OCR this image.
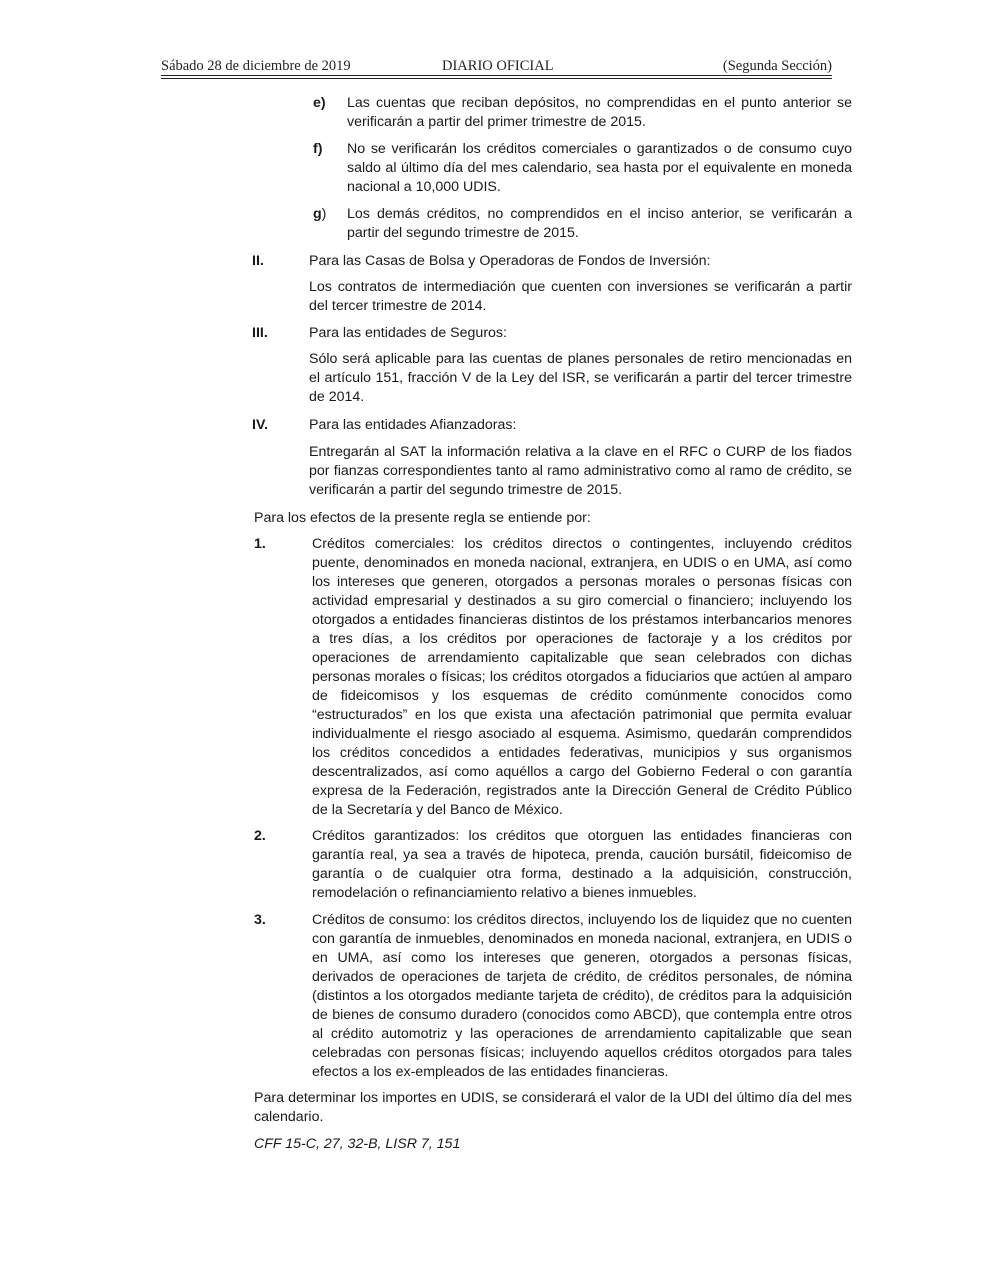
Sábado 28 de diciembre de 2019	DIARIO OFICIAL	(Segunda Sección)
e) Las cuentas que reciban depósitos, no comprendidas en el punto anterior se verificarán a partir del primer trimestre de 2015.
f) No se verificarán los créditos comerciales o garantizados o de consumo cuyo saldo al último día del mes calendario, sea hasta por el equivalente en moneda nacional a 10,000 UDIS.
g) Los demás créditos, no comprendidos en el inciso anterior, se verificarán a partir del segundo trimestre de 2015.
II.	Para las Casas de Bolsa y Operadoras de Fondos de Inversión:
Los contratos de intermediación que cuenten con inversiones se verificarán a partir del tercer trimestre de 2014.
III.	Para las entidades de Seguros:
Sólo será aplicable para las cuentas de planes personales de retiro mencionadas en el artículo 151, fracción V de la Ley del ISR, se verificarán a partir del tercer trimestre de 2014.
IV.	Para las entidades Afianzadoras:
Entregarán al SAT la información relativa a la clave en el RFC o CURP de los fiados por fianzas correspondientes tanto al ramo administrativo como al ramo de crédito, se verificarán a partir del segundo trimestre de 2015.
Para los efectos de la presente regla se entiende por:
1.	Créditos comerciales: los créditos directos o contingentes, incluyendo créditos puente, denominados en moneda nacional, extranjera, en UDIS o en UMA, así como los intereses que generen, otorgados a personas morales o personas físicas con actividad empresarial y destinados a su giro comercial o financiero; incluyendo los otorgados a entidades financieras distintos de los préstamos interbancarios menores a tres días, a los créditos por operaciones de factoraje y a los créditos por operaciones de arrendamiento capitalizable que sean celebrados con dichas personas morales o físicas; los créditos otorgados a fiduciarios que actúen al amparo de fideicomisos y los esquemas de crédito comúnmente conocidos como “estructurados” en los que exista una afectación patrimonial que permita evaluar individualmente el riesgo asociado al esquema. Asimismo, quedarán comprendidos los créditos concedidos a entidades federativas, municipios y sus organismos descentralizados, así como aquéllos a cargo del Gobierno Federal o con garantía expresa de la Federación, registrados ante la Dirección General de Crédito Público de la Secretaría y del Banco de México.
2.	Créditos garantizados: los créditos que otorguen las entidades financieras con garantía real, ya sea a través de hipoteca, prenda, caución bursátil, fideicomiso de garantía o de cualquier otra forma, destinado a la adquisición, construcción, remodelación o refinanciamiento relativo a bienes inmuebles.
3.	Créditos de consumo: los créditos directos, incluyendo los de liquidez que no cuenten con garantía de inmuebles, denominados en moneda nacional, extranjera, en UDIS o en UMA, así como los intereses que generen, otorgados a personas físicas, derivados de operaciones de tarjeta de crédito, de créditos personales, de nómina (distintos a los otorgados mediante tarjeta de crédito), de créditos para la adquisición de bienes de consumo duradero (conocidos como ABCD), que contempla entre otros al crédito automotriz y las operaciones de arrendamiento capitalizable que sean celebradas con personas físicas; incluyendo aquellos créditos otorgados para tales efectos a los ex-empleados de las entidades financieras.
Para determinar los importes en UDIS, se considerará el valor de la UDI del último día del mes calendario.
CFF 15-C, 27, 32-B, LISR 7, 151
